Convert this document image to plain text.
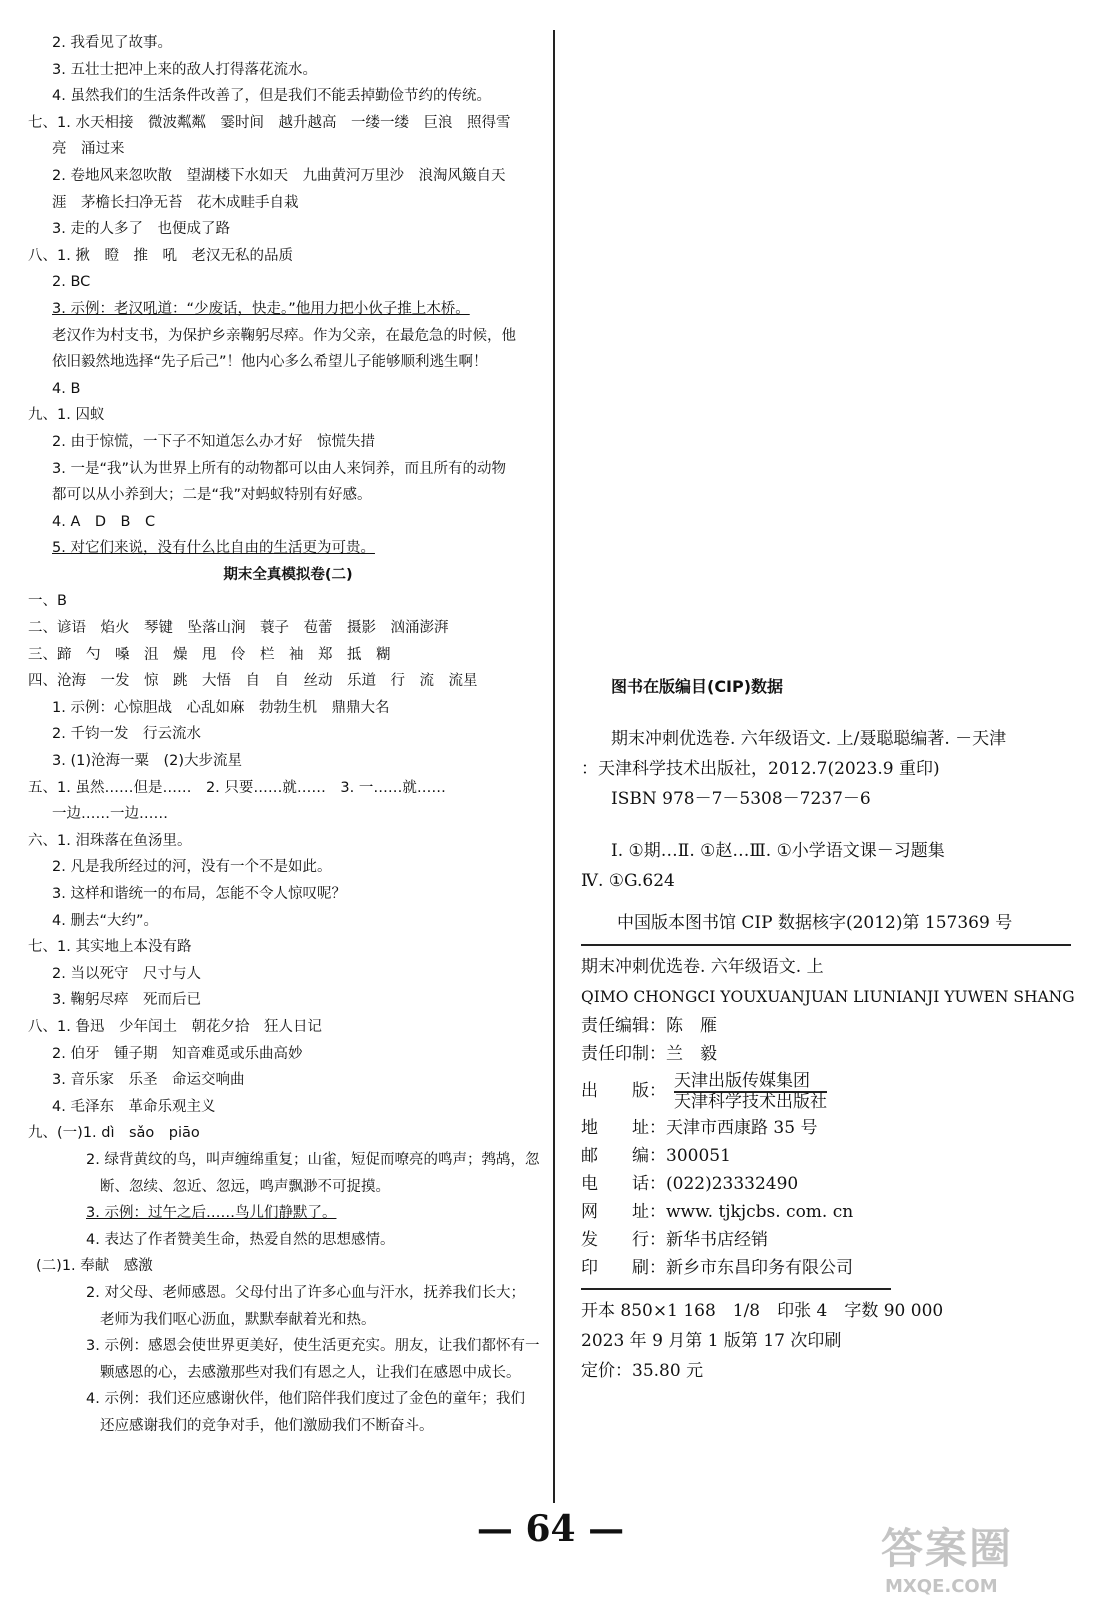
2. 我看见了故事。
3. 五壮士把冲上来的敌人打得落花流水。
4. 虽然我们的生活条件改善了，但是我们不能丢掉勤俭节约的传统。
七、1. 水天相接　微波粼粼　霎时间　越升越高　一缕一缕　巨浪　照得雪
亮　涌过来
2. 卷地风来忽吹散　望湖楼下水如天　九曲黄河万里沙　浪淘风簸自天
涯　茅檐长扫净无苔　花木成畦手自栽
3. 走的人多了　也便成了路
八、1. 揪　瞪　推　吼　老汉无私的品质
2. BC
3. 示例：老汉吼道：“少废话，快走。”他用力把小伙子推上木桥。
老汉作为村支书，为保护乡亲鞠躬尽瘁。作为父亲，在最危急的时候，他
依旧毅然地选择“先子后己”！他内心多么希望儿子能够顺利逃生啊！
4. B
九、1. 囚蚁
2. 由于惊慌，一下子不知道怎么办才好　惊慌失措
3. 一是“我”认为世界上所有的动物都可以由人来饲养，而且所有的动物
都可以从小养到大；二是“我”对蚂蚁特别有好感。
4. A　D　B　C
5. 对它们来说，没有什么比自由的生活更为可贵。
期末全真模拟卷(二)
一、B
二、谚语　焰火　琴键　坠落山涧　蓑子　苞蕾　摄影　汹涌澎湃
三、蹄　勺　嗓　沮　燥　甩　伶　栏　袖　郑　抵　糊
四、沧海　一发　惊　跳　大悟　自　自　丝动　乐道　行　流　流星
1. 示例：心惊胆战　心乱如麻　勃勃生机　鼎鼎大名
2. 千钧一发　行云流水
3. (1)沧海一粟　(2)大步流星
五、1. 虽然……但是……　2. 只要……就……　3. 一……就……
一边……一边……
六、1. 泪珠落在鱼汤里。
2. 凡是我所经过的河，没有一个不是如此。
3. 这样和谐统一的布局，怎能不令人惊叹呢？
4. 删去“大约”。
七、1. 其实地上本没有路
2. 当以死守　尺寸与人
3. 鞠躬尽瘁　死而后已
八、1. 鲁迅　少年闰土　朝花夕拾　狂人日记
2. 伯牙　锺子期　知音难觅或乐曲高妙
3. 音乐家　乐圣　命运交响曲
4. 毛泽东　革命乐观主义
九、(一)1. dì　sǎo　piāo
2. 绿背黄纹的鸟，叫声缠绵重复；山雀，短促而嘹亮的鸣声；鹁鸪，忽
断、忽续、忽近、忽远，鸣声飘渺不可捉摸。
3. 示例：过午之后……鸟儿们静默了。
4. 表达了作者赞美生命，热爱自然的思想感情。
(二)1. 奉献　感激
2. 对父母、老师感恩。父母付出了许多心血与汗水，抚养我们长大；
老师为我们呕心沥血，默默奉献着光和热。
3. 示例：感恩会使世界更美好，使生活更充实。朋友，让我们都怀有一
颗感恩的心，去感激那些对我们有恩之人，让我们在感恩中成长。
4. 示例：我们还应感谢伙伴，他们陪伴我们度过了金色的童年；我们
还应感谢我们的竞争对手，他们激励我们不断奋斗。
图书在版编目(CIP)数据
期末冲刺优选卷. 六年级语文. 上/聂聪聪编著. －天津
：天津科学技术出版社，2012.7(2023.9 重印)
ISBN 978－7－5308－7237－6
Ⅰ. ①期…Ⅱ. ①赵…Ⅲ. ①小学语文课－习题集
Ⅳ. ①G.624
中国版本图书馆 CIP 数据核字(2012)第 157369 号
期末冲刺优选卷. 六年级语文. 上
QIMO CHONGCI YOUXUANJUAN LIUNIANJI YUWEN SHANG
责任编辑： 陈　雁
责任印制： 兰　毅
出　　版： 天津出版传媒集团
天津科学技术出版社
地　　址： 天津市西康路 35 号
邮　　编： 300051
电　　话： (022)23332490
网　　址： www. tjkjcbs. com. cn
发　　行： 新华书店经销
印　　刷： 新乡市东昌印务有限公司
开本 850×1 168　1/8　印张 4　字数 90 000
2023 年 9 月第 1 版第 17 次印刷
定价：35.80 元
— 64 —	答案圈
MXQE.COM
